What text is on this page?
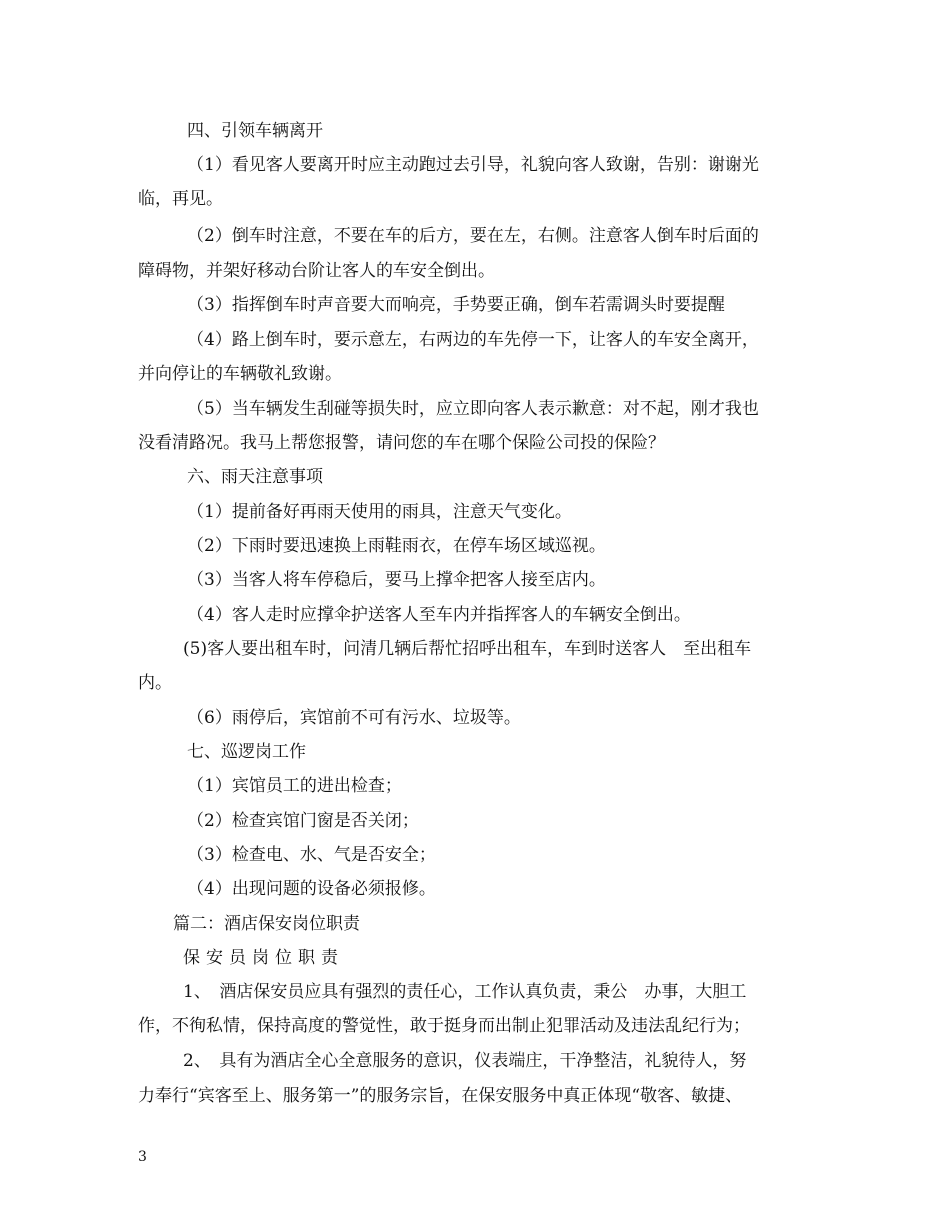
四、引领车辆离开
（1）看见客人要离开时应主动跑过去引导，礼貌向客人致谢，告别：谢谢光
临，再见。
（2）倒车时注意，不要在车的后方，要在左，右侧。注意客人倒车时后面的
障碍物，并架好移动台阶让客人的车安全倒出。
（3）指挥倒车时声音要大而响亮，手势要正确，倒车若需调头时要提醒
（4）路上倒车时，要示意左，右两边的车先停一下，让客人的车安全离开，
并向停让的车辆敬礼致谢。
（5）当车辆发生刮碰等损失时，应立即向客人表示歉意：对不起，刚才我也
没看清路况。我马上帮您报警，请问您的车在哪个保险公司投的保险？
六、雨天注意事项
（1）提前备好再雨天使用的雨具，注意天气变化。
（2）下雨时要迅速换上雨鞋雨衣，在停车场区域巡视。
（3）当客人将车停稳后，要马上撑伞把客人接至店内。
（4）客人走时应撑伞护送客人至车内并指挥客人的车辆安全倒出。
(5)客人要出租车时，问清几辆后帮忙招呼出租车，车到时送客人　至出租车
内。
（6）雨停后，宾馆前不可有污水、垃圾等。
七、巡逻岗工作
（1）宾馆员工的进出检查；
（2）检查宾馆门窗是否关闭；
（3）检查电、水、气是否安全；
（4）出现问题的设备必须报修。
篇二：酒店保安岗位职责
保安员岗位职责
1、　酒店保安员应具有强烈的责任心，工作认真负责，秉公　办事，大胆工
作，不徇私情，保持高度的警觉性，敢于挺身而出制止犯罪活动及违法乱纪行为；
2、　具有为酒店全心全意服务的意识，仪表端庄，干净整洁，礼貌待人，努
力奉行“宾客至上、服务第一”的服务宗旨，在保安服务中真正体现“敬客、敏捷、
3
